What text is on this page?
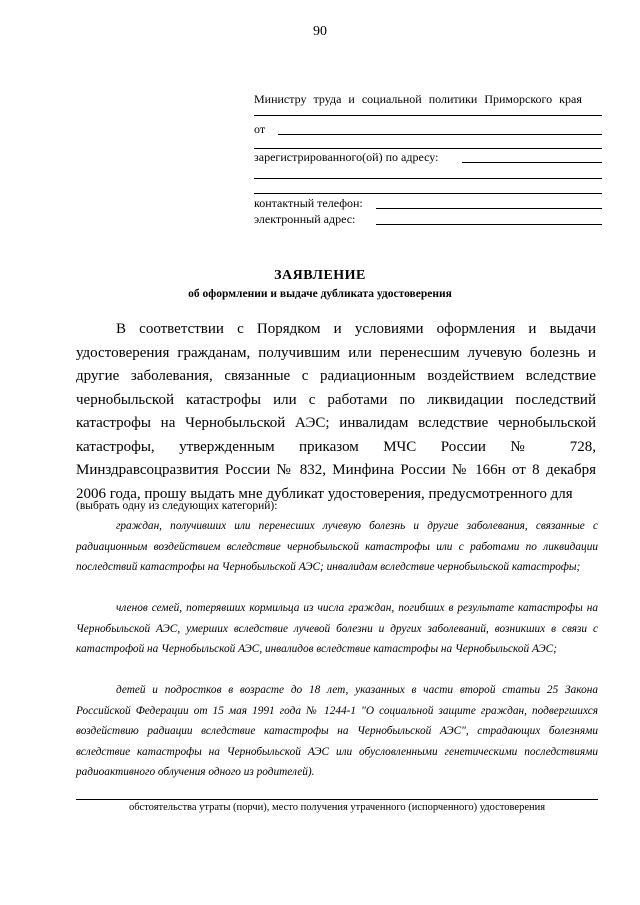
90
Министру труда и социальной политики Приморского края
от
зарегистрированного(ой) по адресу:
контактный телефон:
электронный адрес:
ЗАЯВЛЕНИЕ
об оформлении и выдаче дубликата удостоверения
В соответствии с Порядком и условиями оформления и выдачи удостоверения гражданам, получившим или перенесшим лучевую болезнь и другие заболевания, связанные с радиационным воздействием вследствие чернобыльской катастрофы или с работами по ликвидации последствий катастрофы на Чернобыльской АЭС; инвалидам вследствие чернобыльской катастрофы, утвержденным приказом МЧС России № 728, Минздравсоцразвития России № 832, Минфина России № 166н от 8 декабря 2006 года, прошу выдать мне дубликат удостоверения, предусмотренного для
(выбрать одну из следующих категорий):
граждан, получивших или перенесших лучевую болезнь и другие заболевания, связанные с радиационным воздействием вследствие чернобыльской катастрофы или с работами по ликвидации последствий катастрофы на Чернобыльской АЭС; инвалидам вследствие чернобыльской катастрофы;
членов семей, потерявших кормильца из числа граждан, погибших в результате катастрофы на Чернобыльской АЭС, умерших вследствие лучевой болезни и других заболеваний, возникших в связи с катастрофой на Чернобыльской АЭС, инвалидов вследствие катастрофы на Чернобыльской АЭС;
детей и подростков в возрасте до 18 лет, указанных в части второй статьи 25 Закона Российской Федерации от 15 мая 1991 года № 1244-1 "О социальной защите граждан, подвергшихся воздействию радиации вследствие катастрофы на Чернобыльской АЭС", страдающих болезнями вследствие катастрофы на Чернобыльской АЭС или обусловленными генетическими последствиями радиоактивного облучения одного из родителей).
обстоятельства утраты (порчи), место получения утраченного (испорченного) удостоверения
